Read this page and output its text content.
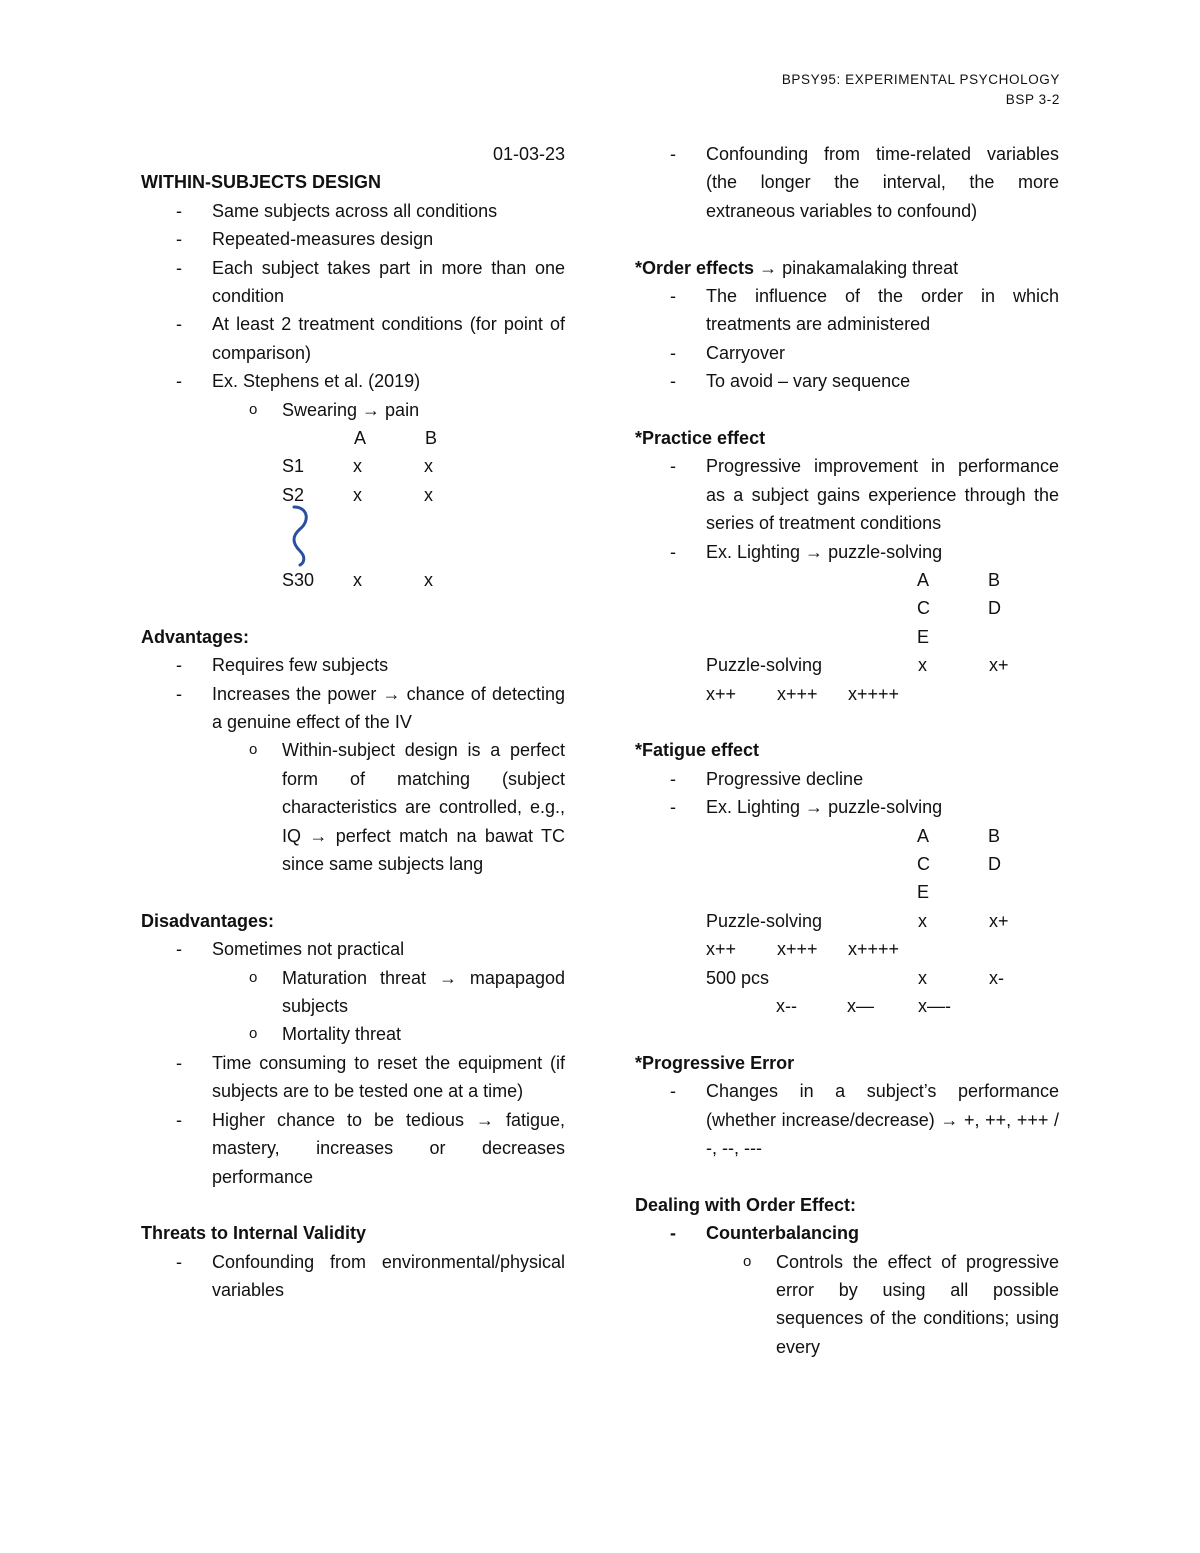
BPSY95: EXPERIMENTAL PSYCHOLOGY
BSP 3-2
01-03-23
WITHIN-SUBJECTS DESIGN
- Same subjects across all conditions
- Repeated-measures design
- Each subject takes part in more than one condition
- At least 2 treatment conditions (for point of comparison)
- Ex. Stephens et al. (2019)
o Swearing → pain
A	B
S1	x	x
S2	x	x
S30	x	x
Advantages:
- Requires few subjects
- Increases the power → chance of detecting a genuine effect of the IV
o Within-subject design is a perfect form of matching (subject characteristics are controlled, e.g., IQ → perfect match na bawat TC since same subjects lang
Disadvantages:
- Sometimes not practical
o Maturation threat → mapapagod subjects
o Mortality threat
- Time consuming to reset the equipment (if subjects are to be tested one at a time)
- Higher chance to be tedious → fatigue, mastery, increases or decreases performance
Threats to Internal Validity
- Confounding from environmental/physical variables
- Confounding from time-related variables (the longer the interval, the more extraneous variables to confound)
*Order effects → pinakamalaking threat
- The influence of the order in which treatments are administered
- Carryover
- To avoid – vary sequence
*Practice effect
- Progressive improvement in performance as a subject gains experience through the series of treatment conditions
- Ex. Lighting → puzzle-solving
A	B
C	D
E
Puzzle-solving	x	x+
x++	x+++	x++++
*Fatigue effect
- Progressive decline
- Ex. Lighting → puzzle-solving
A	B
C	D
E
Puzzle-solving	x	x+
x++	x+++	x++++
500 pcs	x	x-
x--	x—	x—-
*Progressive Error
- Changes in a subject’s performance (whether increase/decrease) → +, ++, +++ / -, --, ---
Dealing with Order Effect:
- Counterbalancing
o Controls the effect of progressive error by using all possible sequences of the conditions; using every
